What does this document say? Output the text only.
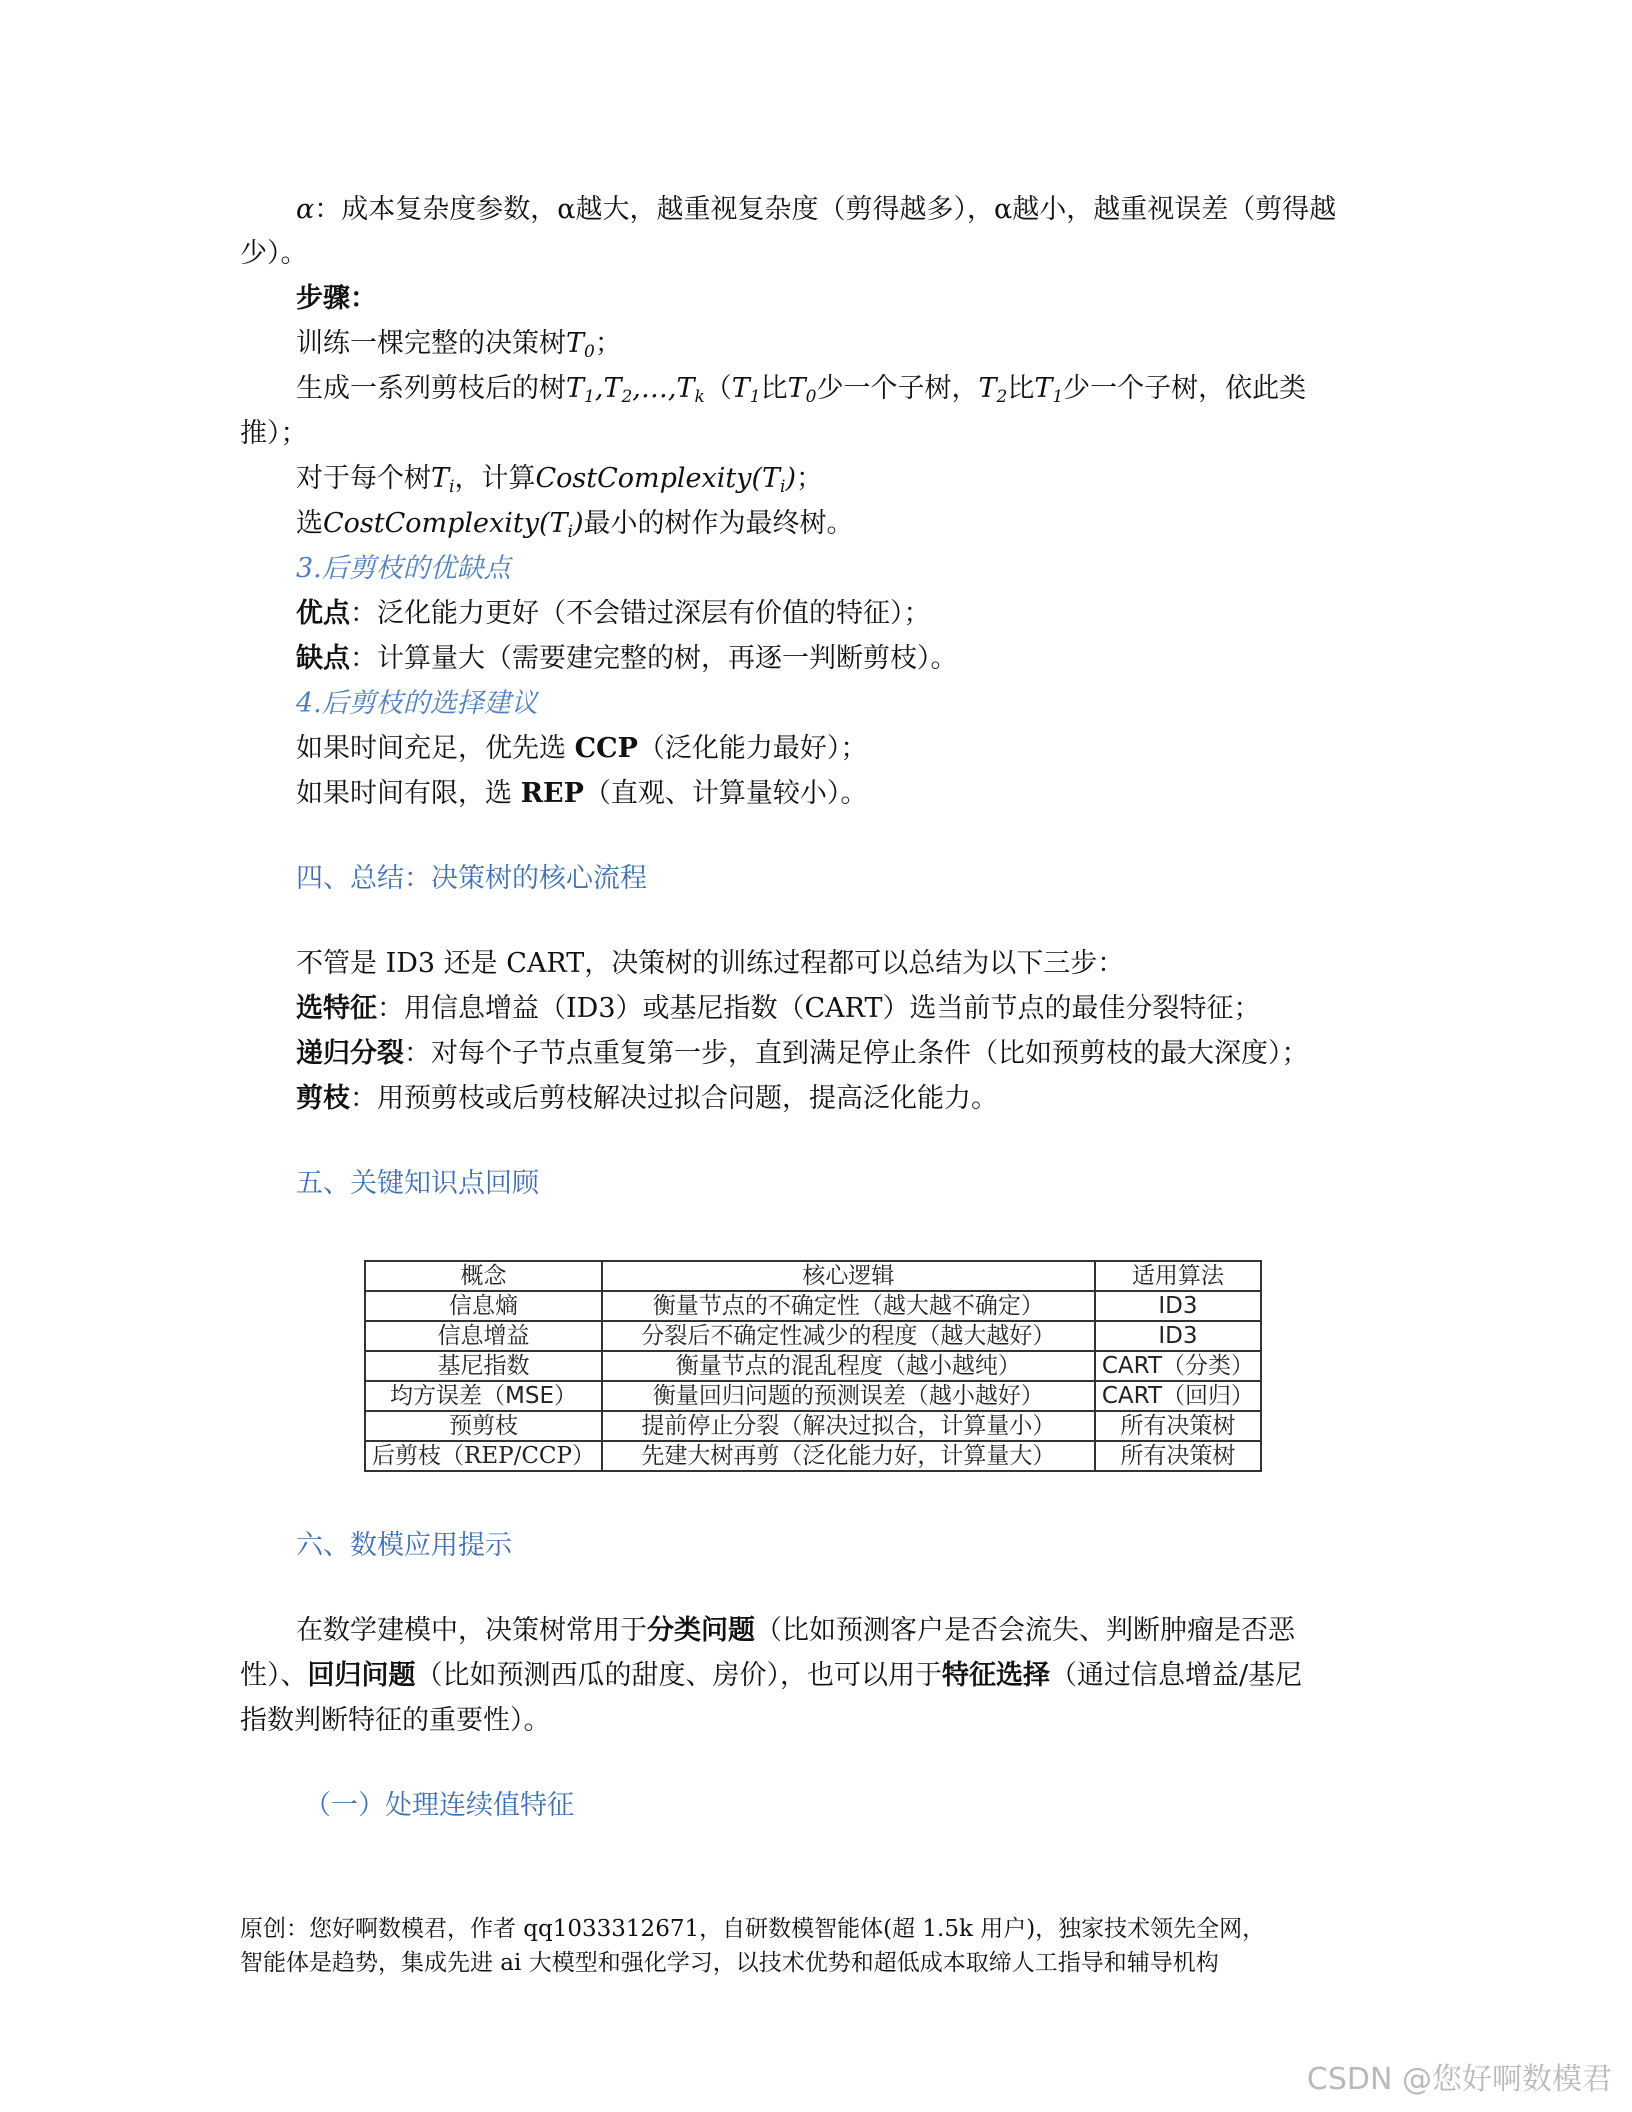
α：成本复杂度参数，α越大，越重视复杂度（剪得越多），α越小，越重视误差（剪得越
少）。
步骤：
训练一棵完整的决策树$T_0$；
生成一系列剪枝后的树$T_1,T_2,\dots,T_k(T_1$比$T_0$少一个子树，$T_2$比$T_1$少一个子树，依此类
推）；
对于每个树$T_i$，计算$CostComplexity(T_i)$；
选$CostComplexity(T_i)$最小的树作为最终树。
3.后剪枝的优缺点
优点：泛化能力更好（不会错过深层有价值的特征）；
缺点：计算量大（需要建完整的树，再逐一判断剪枝）。
4.后剪枝的选择建议
如果时间充足，优先选 CCP（泛化能力最好）；
如果时间有限，选 REP（直观、计算量较小）。
四、总结：决策树的核心流程
不管是 ID3 还是 CART，决策树的训练过程都可以总结为以下三步：
选特征：用信息增益（ID3）或基尼指数（CART）选当前节点的最佳分裂特征；
递归分裂：对每个子节点重复第一步，直到满足停止条件（比如预剪枝的最大深度）；
剪枝：用预剪枝或后剪枝解决过拟合问题，提高泛化能力。
五、关键知识点回顾
概念	核心逻辑	适用算法
信息熵	衡量节点的不确定性（越大越不确定）	ID3
信息增益	分裂后不确定性减少的程度（越大越好）	ID3
基尼指数	衡量节点的混乱程度（越小越纯）	CART（分类）
均方误差（MSE）	衡量回归问题的预测误差（越小越好）	CART（回归）
预剪枝	提前停止分裂（解决过拟合，计算量小）	所有决策树
后剪枝（REP/CCP）	先建大树再剪（泛化能力好，计算量大）	所有决策树
六、数模应用提示
在数学建模中，决策树常用于分类问题（比如预测客户是否会流失、判断肿瘤是否恶
性）、回归问题（比如预测西瓜的甜度、房价），也可以用于特征选择（通过信息增益/基尼
指数判断特征的重要性）。
（一）处理连续值特征
原创：您好啊数模君，作者 qq1033312671，自研数模智能体(超 1.5k 用户)，独家技术领先全网，
智能体是趋势，集成先进 ai 大模型和强化学习，以技术优势和超低成本取缔人工指导和辅导机构
CSDN @您好啊数模君
